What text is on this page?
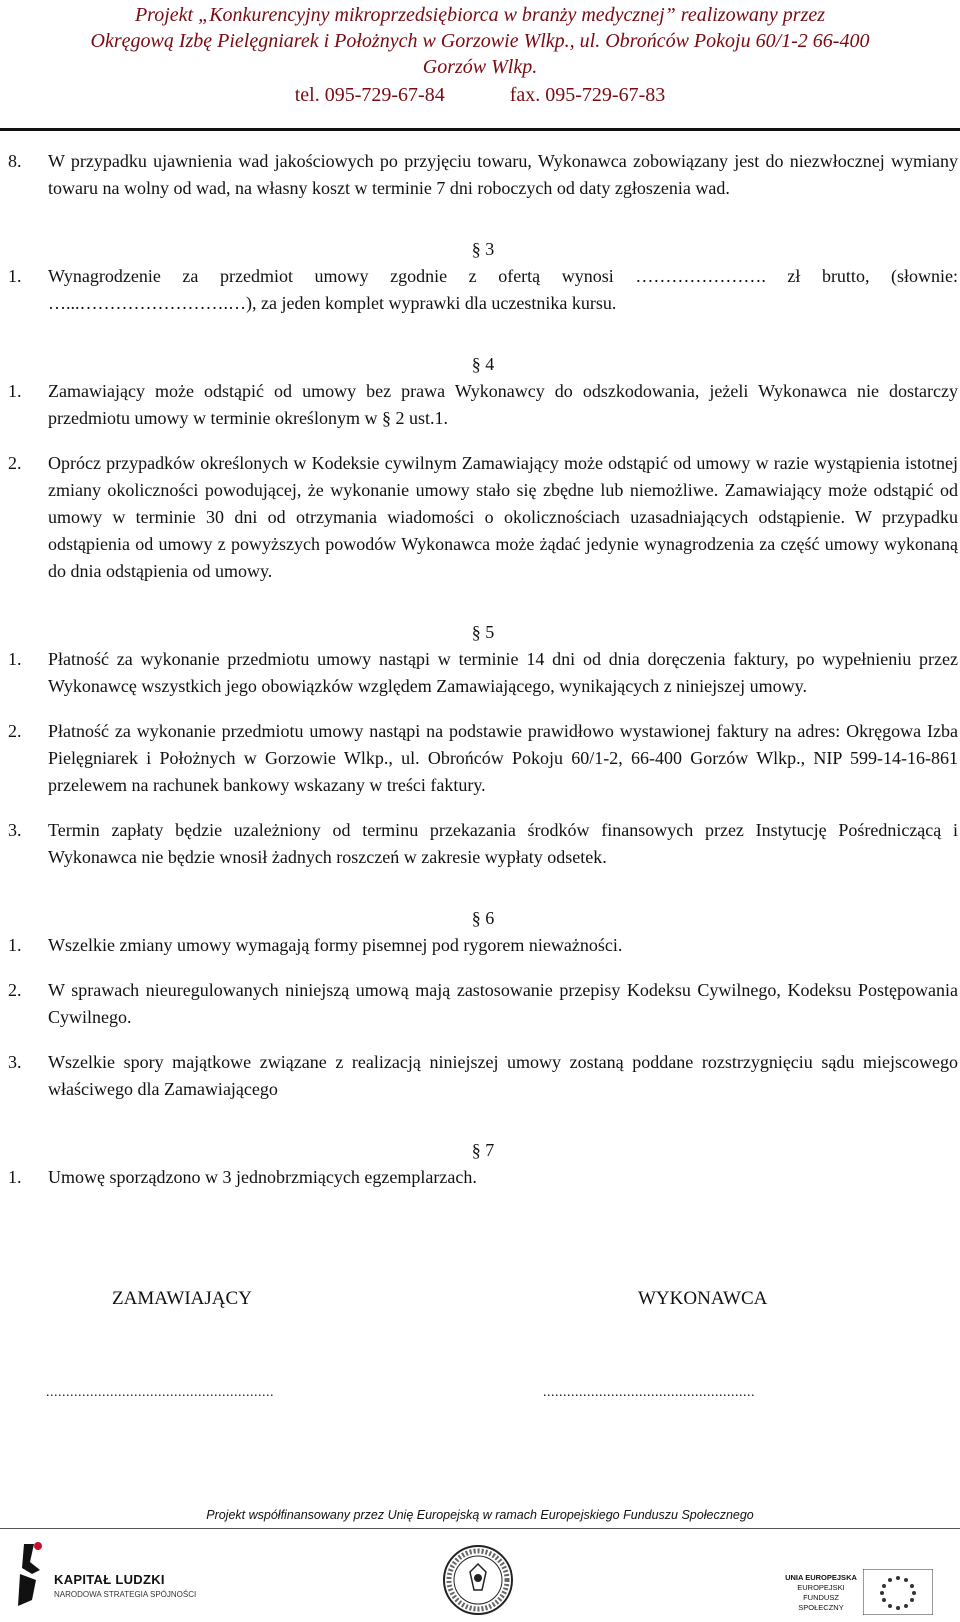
Projekt „Konkurencyjny mikroprzedsiębiorca w branży medycznej” realizowany przez
Okręgową Izbę Pielęgniarek i Położnych w Gorzowie Wlkp., ul. Obrońców Pokoju 60/1-2 66-400
Gorzów Wlkp.
tel. 095-729-67-84	fax. 095-729-67-83
8.	W przypadku ujawnienia wad jakościowych po przyjęciu towaru, Wykonawca zobowiązany jest do niezwłocznej wymiany towaru na wolny od wad, na własny koszt w terminie 7 dni roboczych od daty zgłoszenia wad.
§ 3
1.	Wynagrodzenie za przedmiot umowy zgodnie z ofertą wynosi …………………. zł brutto, (słownie: …...…………………….…), za jeden komplet wyprawki dla uczestnika kursu.
§ 4
1.	Zamawiający może odstąpić od umowy bez prawa Wykonawcy do odszkodowania, jeżeli Wykonawca nie dostarczy przedmiotu umowy w terminie określonym w § 2 ust.1.
2.	Oprócz przypadków określonych w Kodeksie cywilnym Zamawiający może odstąpić od umowy w razie wystąpienia istotnej zmiany okoliczności powodującej, że wykonanie umowy stało się zbędne lub niemożliwe. Zamawiający może odstąpić od umowy w terminie 30 dni od otrzymania wiadomości o okolicznościach uzasadniających odstąpienie. W przypadku odstąpienia od umowy z powyższych powodów Wykonawca może żądać jedynie wynagrodzenia za część umowy wykonaną do dnia odstąpienia od umowy.
§ 5
1.	Płatność za wykonanie przedmiotu umowy nastąpi w terminie 14 dni od dnia doręczenia faktury, po wypełnieniu przez Wykonawcę wszystkich jego obowiązków względem Zamawiającego, wynikających z niniejszej umowy.
2.	Płatność za wykonanie przedmiotu umowy nastąpi na podstawie prawidłowo wystawionej faktury na adres: Okręgowa Izba Pielęgniarek i Położnych w Gorzowie Wlkp., ul. Obrońców Pokoju 60/1-2, 66-400 Gorzów Wlkp., NIP 599-14-16-861 przelewem na rachunek bankowy wskazany w treści faktury.
3.	Termin zapłaty będzie uzależniony od terminu przekazania środków finansowych przez Instytucję Pośredniczącą i Wykonawca nie będzie wnosił żadnych roszczeń w zakresie wypłaty odsetek.
§ 6
1.	Wszelkie zmiany umowy wymagają formy pisemnej pod rygorem nieważności.
2.	W sprawach nieuregulowanych niniejszą umową mają zastosowanie przepisy Kodeksu Cywilnego, Kodeksu Postępowania Cywilnego.
3.	Wszelkie spory majątkowe związane z realizacją niniejszej umowy zostaną poddane rozstrzygnięciu sądu miejscowego właściwego dla Zamawiającego
§ 7
1.	Umowę sporządzono w 3 jednobrzmiących egzemplarzach.
ZAMAWIAJĄCY	WYKONAWCA
.........................................................	.....................................................
Projekt współfinansowany przez Unię Europejską w ramach Europejskiego Funduszu Społecznego
KAPITAŁ LUDZKI
NARODOWA STRATEGIA SPÓJNOŚCI
UNIA EUROPEJSKA
EUROPEJSKI
FUNDUSZ SPOŁECZNY
